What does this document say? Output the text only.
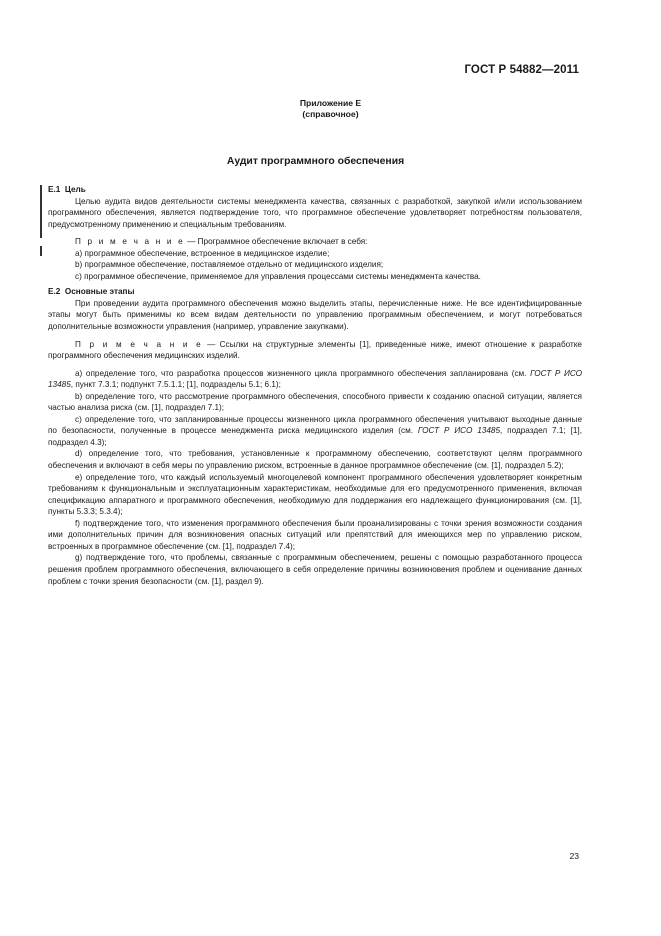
ГОСТ Р 54882—2011
Приложение Е
(справочное)
Аудит программного обеспечения

Е.1 Цель

Целью аудита видов деятельности системы менеджмента качества, связанных с разработкой, закупкой и/или использованием программного обеспечения, является подтверждение того, что программное обеспечение удовлетворяет потребностям пользователя, предусмотренному применению и специальным требованиям.

П р и м е ч а н и е — Программное обеспечение включает в себя:

а) программное обеспечение, встроенное в медицинское изделие;

b) программное обеспечение, поставляемое отдельно от медицинского изделия;

c) программное обеспечение, применяемое для управления процессами системы менеджмента качества.

Е.2 Основные этапы

При проведении аудита программного обеспечения можно выделить этапы, перечисленные ниже. Не все идентифицированные этапы могут быть применимы ко всем видам деятельности по управлению программным обеспечением, и могут потребоваться дополнительные возможности управления (например, управление закупками).

П р и м е ч а н и е — Ссылки на структурные элементы [1], приведенные ниже, имеют отношение к разработке программного обеспечения медицинских изделий.

а) определение того, что разработка процессов жизненного цикла программного обеспечения запланирована (см. ГОСТ Р ИСО 13485, пункт 7.3.1; подпункт 7.5.1.1; [1], подразделы 5.1; 6.1);

b) определение того, что рассмотрение программного обеспечения, способного привести к созданию опасной ситуации, является частью анализа риска (см. [1], подраздел 7.1);

c) определение того, что запланированные процессы жизненного цикла программного обеспечения учитывают выходные данные по безопасности, полученные в процессе менеджмента риска медицинского изделия (см. ГОСТ Р ИСО 13485, подраздел 7.1; [1], подраздел 4.3);

d) определение того, что требования, установленные к программному обеспечению, соответствуют целям программного обеспечения и включают в себя меры по управлению риском, встроенные в данное программное обеспечение (см. [1], подраздел 5.2);

e) определение того, что каждый используемый многоцелевой компонент программного обеспечения удовлетворяет конкретным требованиям к функциональным и эксплуатационным характеристикам, необходимые для его предусмотренного применения, включая спецификацию аппаратного и программного обеспечения, необходимую для поддержания его надлежащего функционирования (см. [1], пункты 5.3.3; 5.3.4);

f) подтверждение того, что изменения программного обеспечения были проанализированы с точки зрения возможности создания ими дополнительных причин для возникновения опасных ситуаций или препятствий для имеющихся мер по управлению риском, встроенных в программное обеспечение (см. [1], подраздел 7.4);

g) подтверждение того, что проблемы, связанные с программным обеспечением, решены с помощью разработанного процесса решения проблем программного обеспечения, включающего в себя определение причины возникновения проблем и оценивание данных проблем с точки зрения безопасности (см. [1], раздел 9).

23
